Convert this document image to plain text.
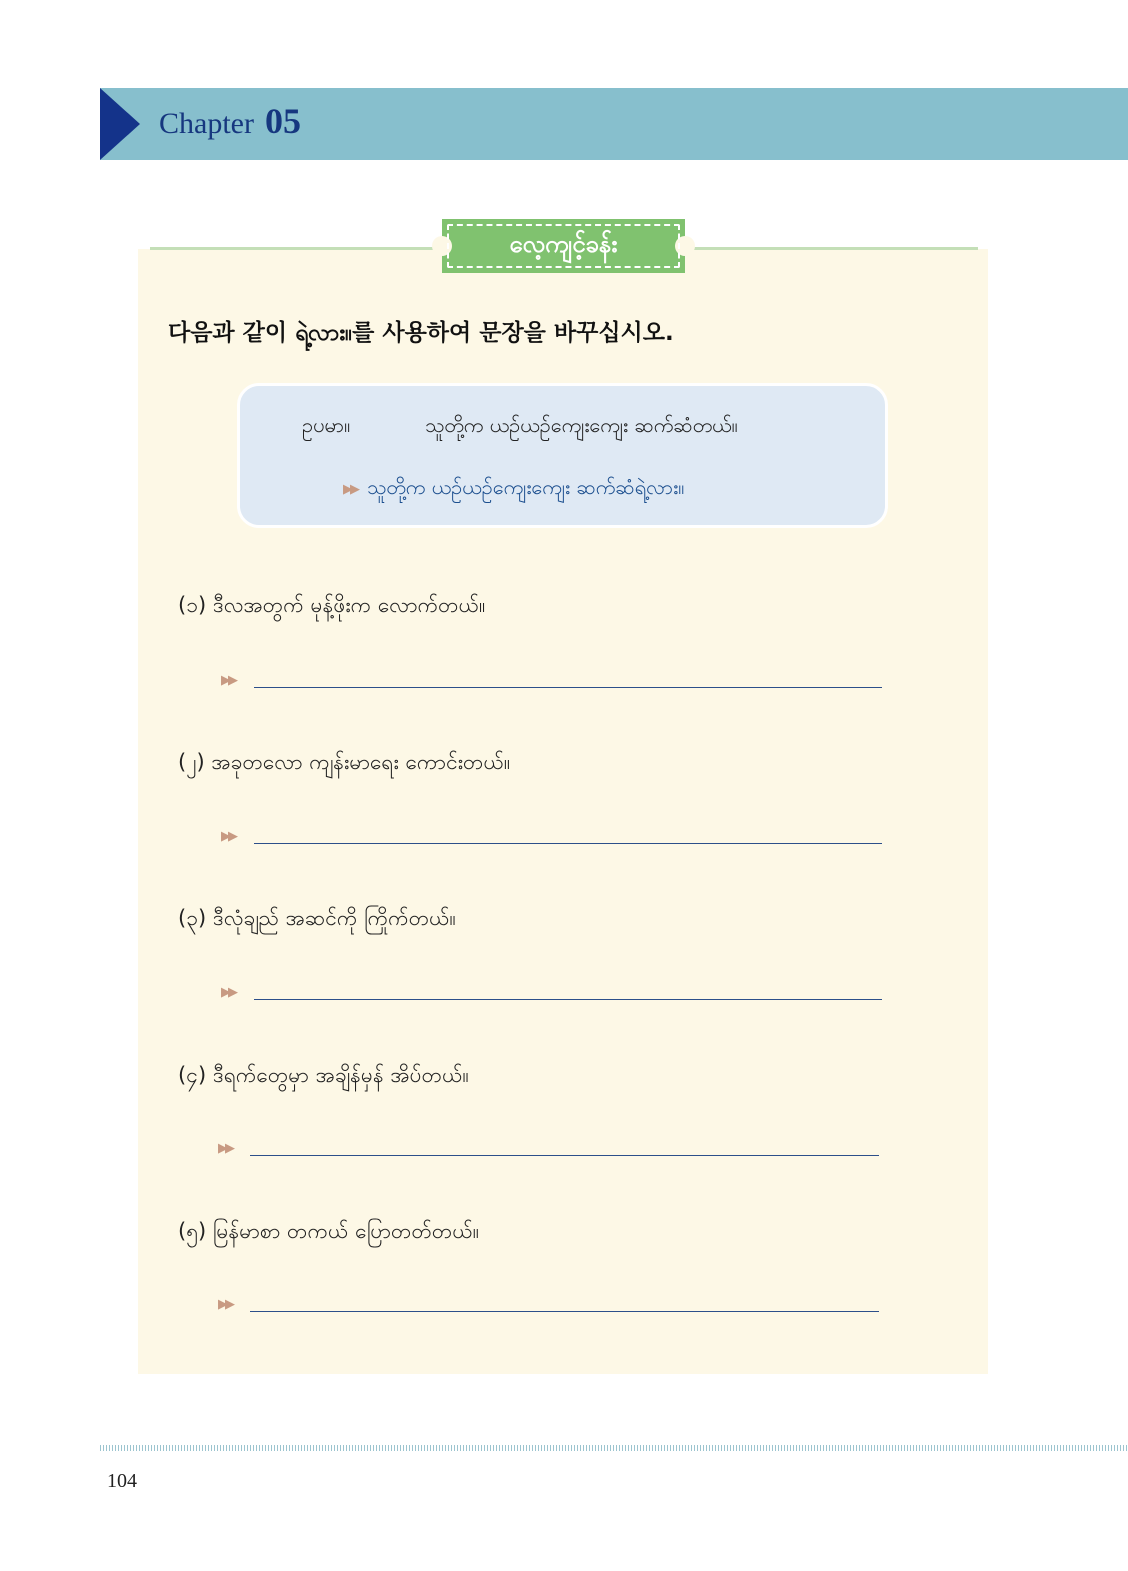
Chapter 05
လေ့ကျင့်ခန်း
다음과 같이 ရဲ့လား။를 사용하여 문장을 바꾸십시오.
ဥပမာ။	သူတို့က ယဉ်ယဉ်ကျေးကျေး ဆက်ဆံတယ်။
▶▶ သူတို့က ယဉ်ယဉ်ကျေးကျေး ဆက်ဆံရဲ့လား။
(၁) ဒီလအတွက် မုန့်ဖိုးက လောက်တယ်။
▶▶
(၂) အခုတလော ကျန်းမာရေး ကောင်းတယ်။
▶▶
(၃) ဒီလုံချည် အဆင်ကို ကြိုက်တယ်။
▶▶
(၄) ဒီရက်တွေမှာ အချိန်မှန် အိပ်တယ်။
▶▶
(၅) မြန်မာစာ တကယ် ပြောတတ်တယ်။
▶▶
104
